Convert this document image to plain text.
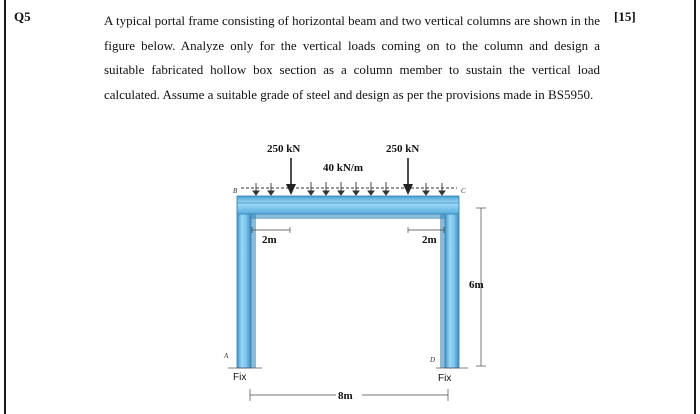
Q5	A typical portal frame consisting of horizontal beam and two vertical columns are shown in the figure below. Analyze only for the vertical loads coming on to the column and design a suitable fabricated hollow box section as a column member to sustain the vertical load calculated. Assume a suitable grade of steel and design as per the provisions made in BS5950.
[15]
250 kN	250 kN
40 kN/m
2m	2m
6m
8m
Fix	Fix
A
B	C
D
